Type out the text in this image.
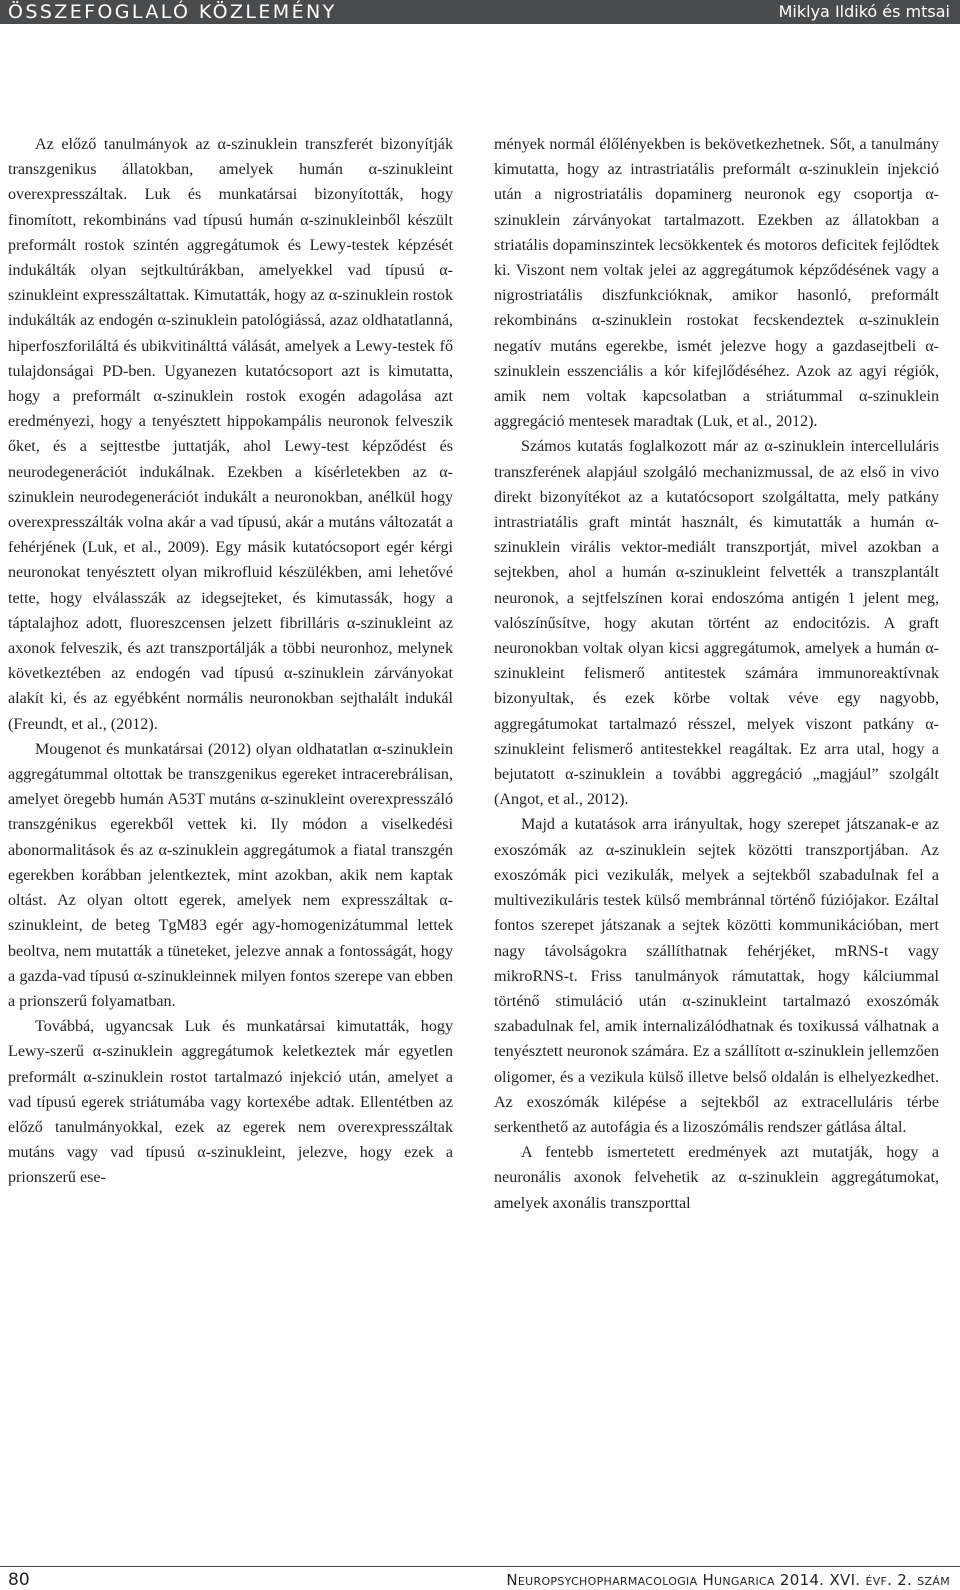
ÖSSZEFOGLALÓ KÖZLEMÉNY	Miklya Ildikó és mtsai

Az előző tanulmányok az α-szinuklein transzferét bizonyítják transzgenikus állatokban, amelyek humán α-szinukleint overexpresszáltak. Luk és munkatársai bizonyították, hogy finomított, rekombináns vad típusú humán α-szinukleinből készült preformált rostok szintén aggregátumok és Lewy-testek képzését indukálták olyan sejtkultúrákban, amelyekkel vad típusú α-szinukleint expresszáltattak. Kimutatták, hogy az α-szinuklein rostok indukálták az endogén α-szinuklein patológiássá, azaz oldhatatlanná, hiperfoszforiláltá és ubikvitinálttá válását, amelyek a Lewy-testek fő tulajdonságai PD-ben. Ugyanezen kutatócsoport azt is kimutatta, hogy a preformált α-szinuklein rostok exogén adagolása azt eredményezi, hogy a tenyésztett hippokampális neuronok felveszik őket, és a sejttestbe juttatják, ahol Lewy-test képződést és neurodegenerációt indukálnak. Ezekben a kísérletekben az α-szinuklein neurodegenerációt indukált a neuronokban, anélkül hogy overexpresszálták volna akár a vad típusú, akár a mutáns változatát a fehérjének (Luk, et al., 2009). Egy másik kutatócsoport egér kérgi neuronokat tenyésztett olyan mikrofluid készülékben, ami lehetővé tette, hogy elválasszák az idegsejteket, és kimutassák, hogy a táptalajhoz adott, fluoreszcensen jelzett fibrilláris α-szinukleint az axonok felveszik, és azt transzportálják a többi neuronhoz, melynek következtében az endogén vad típusú α-szinuklein zárványokat alakít ki, és az egyébként normális neuronokban sejthalált indukál (Freundt, et al., (2012).

Mougenot és munkatársai (2012) olyan oldhatatlan α-szinuklein aggregátummal oltottak be transzgenikus egereket intracerebrálisan, amelyet öregebb humán A53T mutáns α-szinukleint overexpresszáló transzgénikus egerekből vettek ki. Ily módon a viselkedési abonormalitások és az α-szinuklein aggregátumok a fiatal transzgén egerekben korábban jelentkeztek, mint azokban, akik nem kaptak oltást. Az olyan oltott egerek, amelyek nem expresszáltak α-szinukleint, de beteg TgM83 egér agy-homogenizátummal lettek beoltva, nem mutatták a tüneteket, jelezve annak a fontosságát, hogy a gazda-vad típusú α-szinukleinnek milyen fontos szerepe van ebben a prionszerű folyamatban.

Továbbá, ugyancsak Luk és munkatársai kimutatták, hogy Lewy-szerű α-szinuklein aggregátumok keletkeztek már egyetlen preformált α-szinuklein rostot tartalmazó injekció után, amelyet a vad típusú egerek striátumába vagy kortexébe adtak. Ellentétben az előző tanulmányokkal, ezek az egerek nem overexpresszáltak mutáns vagy vad típusú α-szinukleint, jelezve, hogy ezek a prionszerű ese-

mények normál élőlényekben is bekövetkezhetnek. Sőt, a tanulmány kimutatta, hogy az intrastriatális preformált α-szinuklein injekció után a nigrostriatális dopaminerg neuronok egy csoportja α-szinuklein zárványokat tartalmazott. Ezekben az állatokban a striatális dopaminszintek lecsökkentek és motoros deficitek fejlődtek ki. Viszont nem voltak jelei az aggregátumok képződésének vagy a nigrostriatális diszfunkcióknak, amikor hasonló, preformált rekombináns α-szinuklein rostokat fecskendeztek α-szinuklein negatív mutáns egerekbe, ismét jelezve hogy a gazdasejtbeli α-szinuklein esszenciális a kór kifejlődéséhez. Azok az agyi régiók, amik nem voltak kapcsolatban a striátummal α-szinuklein aggregáció mentesek maradtak (Luk, et al., 2012).

Számos kutatás foglalkozott már az α-szinuklein intercelluláris transzferének alapjául szolgáló mechanizmussal, de az első in vivo direkt bizonyítékot az a kutatócsoport szolgáltatta, mely patkány intrastriatális graft mintát használt, és kimutatták a humán α-szinuklein virális vektor-mediált transzportját, mivel azokban a sejtekben, ahol a humán α-szinukleint felvették a transzplantált neuronok, a sejtfelszínen korai endoszóma antigén 1 jelent meg, valószínűsítve, hogy akutan történt az endocitózis. A graft neuronokban voltak olyan kicsi aggregátumok, amelyek a humán α-szinukleint felismerő antitestek számára immunoreaktívnak bizonyultak, és ezek körbe voltak véve egy nagyobb, aggregátumokat tartalmazó résszel, melyek viszont patkány α-szinukleint felismerő antitestekkel reagáltak. Ez arra utal, hogy a bejutatott α-szinuklein a további aggregáció „magjául” szolgált (Angot, et al., 2012).

Majd a kutatások arra irányultak, hogy szerepet játszanak-e az exoszómák az α-szinuklein sejtek közötti transzportjában. Az exoszómák pici vezikulák, melyek a sejtekből szabadulnak fel a multivezikuláris testek külső membránnal történő fúziójakor. Ezáltal fontos szerepet játszanak a sejtek közötti kommunikációban, mert nagy távolságokra szállíthatnak fehérjéket, mRNS-t vagy mikroRNS-t. Friss tanulmányok rámutattak, hogy kálciummal történő stimuláció után α-szinukleint tartalmazó exoszómák szabadulnak fel, amik internalizálódhatnak és toxikussá válhatnak a tenyésztett neuronok számára. Ez a szállított α-szinuklein jellemzően oligomer, és a vezikula külső illetve belső oldalán is elhelyezkedhet. Az exoszómák kilépése a sejtekből az extracelluláris térbe serkenthető az autofágia és a lizoszómális rendszer gátlása által.

A fentebb ismertetett eredmények azt mutatják, hogy a neuronális axonok felvehetik az α-szinuklein aggregátumokat, amelyek axonális transzporttal

80	Neuropsychopharmacologia Hungarica 2014. XVI. évf. 2. szám
